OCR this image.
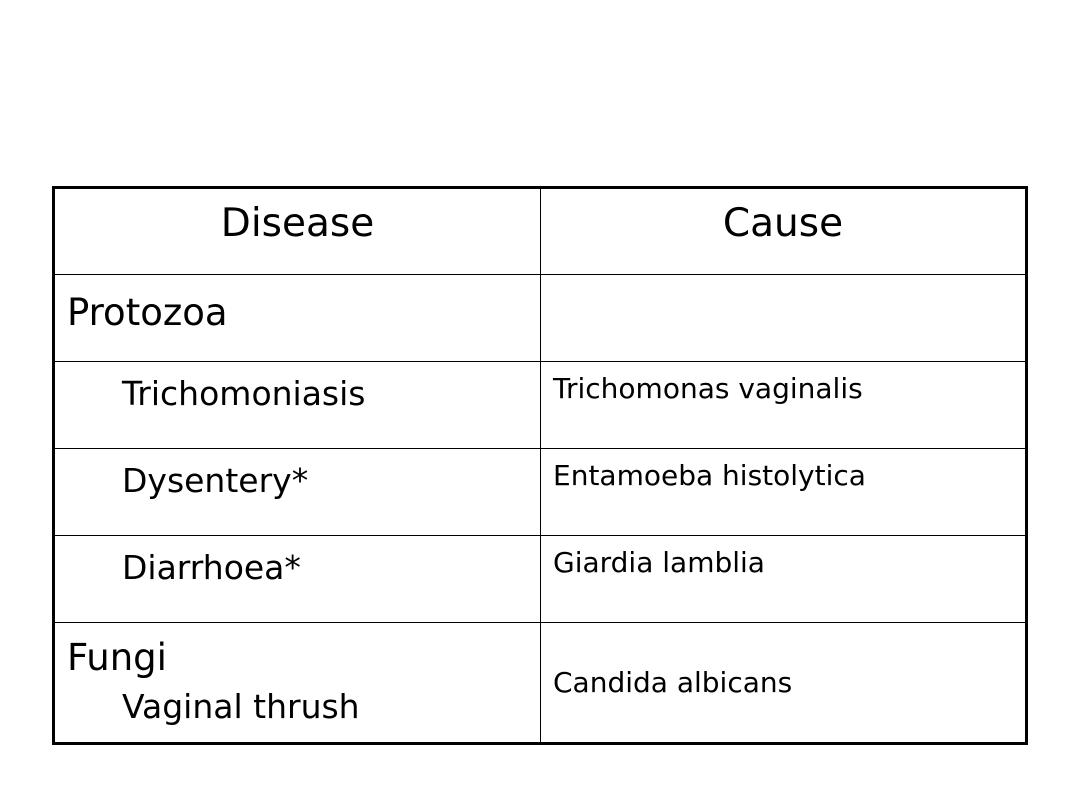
Disease	Cause

Protozoa	

Trichomoniasis	Trichomonas vaginalis

Dysentery*	Entamoeba histolytica

Diarrhoea*	Giardia lamblia

Fungi
Vaginal thrush	Candida albicans
